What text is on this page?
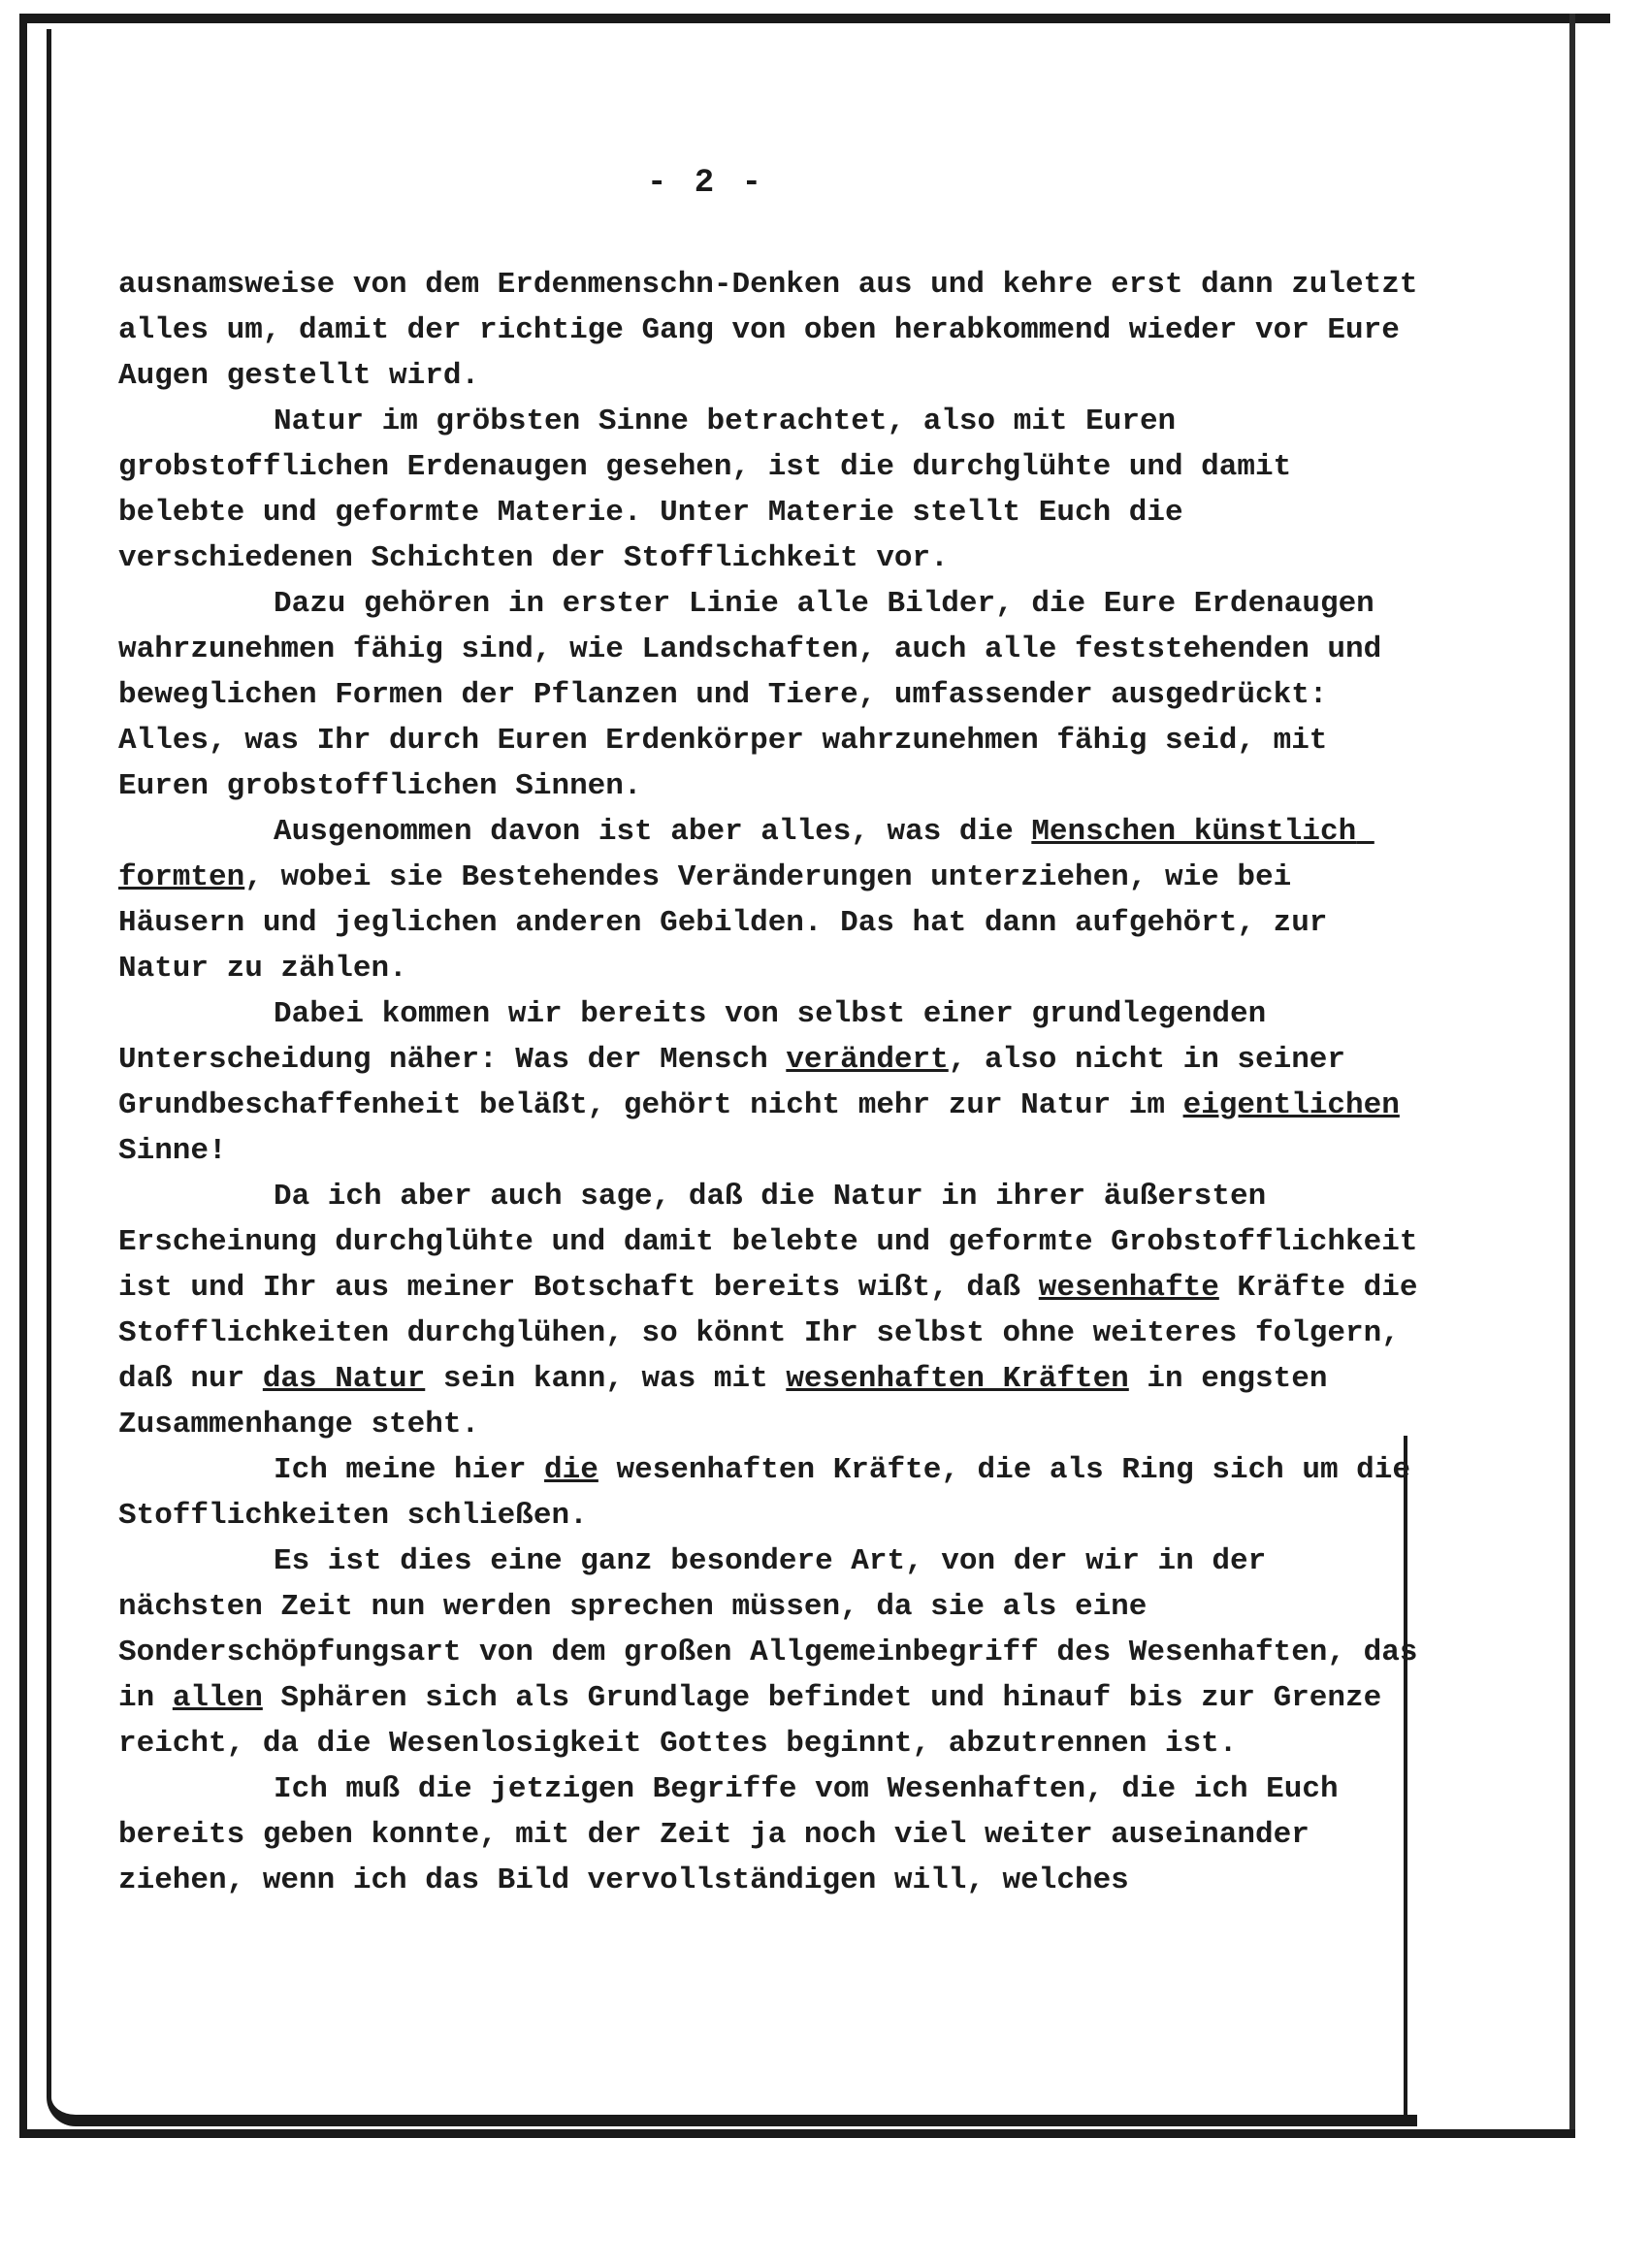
- 2 -

ausnamsweise von dem Erdenmenschn-Denken aus und kehre erst dann zuletzt alles um, damit der richtige Gang von oben herabkommend wieder vor Eure Augen gestellt wird.

Natur im gröbsten Sinne betrachtet, also mit Euren grobstofflichen Erdenaugen gesehen, ist die durchglühte und damit belebte und geformte Materie. Unter Materie stellt Euch die verschiedenen Schichten der Stofflichkeit vor.

Dazu gehören in erster Linie alle Bilder, die Eure Erdenaugen wahrzunehmen fähig sind, wie Landschaften, auch alle feststehenden und beweglichen Formen der Pflanzen und Tiere, umfassender ausgedrückt: Alles, was Ihr durch Euren Erdenkörper wahrzunehmen fähig seid, mit Euren grobstofflichen Sinnen.

Ausgenommen davon ist aber alles, was die Menschen künstlich formten, wobei sie Bestehendes Veränderungen unterziehen, wie bei Häusern und jeglichen anderen Gebilden. Das hat dann aufgehört, zur Natur zu zählen.

Dabei kommen wir bereits von selbst einer grundlegenden Unterscheidung näher: Was der Mensch verändert, also nicht in seiner Grundbeschaffenheit beläßt, gehört nicht mehr zur Natur im eigentlichen Sinne!

Da ich aber auch sage, daß die Natur in ihrer äußersten Erscheinung durchglühte und damit belebte und geformte Grobstofflichkeit ist und Ihr aus meiner Botschaft bereits wißt, daß wesenhafte Kräfte die Stofflichkeiten durchglühen, so könnt Ihr selbst ohne weiteres folgern, daß nur das Natur sein kann, was mit wesenhaften Kräften in engsten Zusammenhange steht.

Ich meine hier die wesenhaften Kräfte, die als Ring sich um die Stofflichkeiten schließen.

Es ist dies eine ganz besondere Art, von der wir in der nächsten Zeit nun werden sprechen müssen, da sie als eine Sonderschöpfungsart von dem großen Allgemeinbegriff des Wesenhaften, das in allen Sphären sich als Grundlage befindet und hinauf bis zur Grenze reicht, da die Wesenlosigkeit Gottes beginnt, abzutrennen ist.

Ich muß die jetzigen Begriffe vom Wesenhaften, die ich Euch bereits geben konnte, mit der Zeit ja noch viel weiter auseinander ziehen, wenn ich das Bild vervollständigen will, welches
